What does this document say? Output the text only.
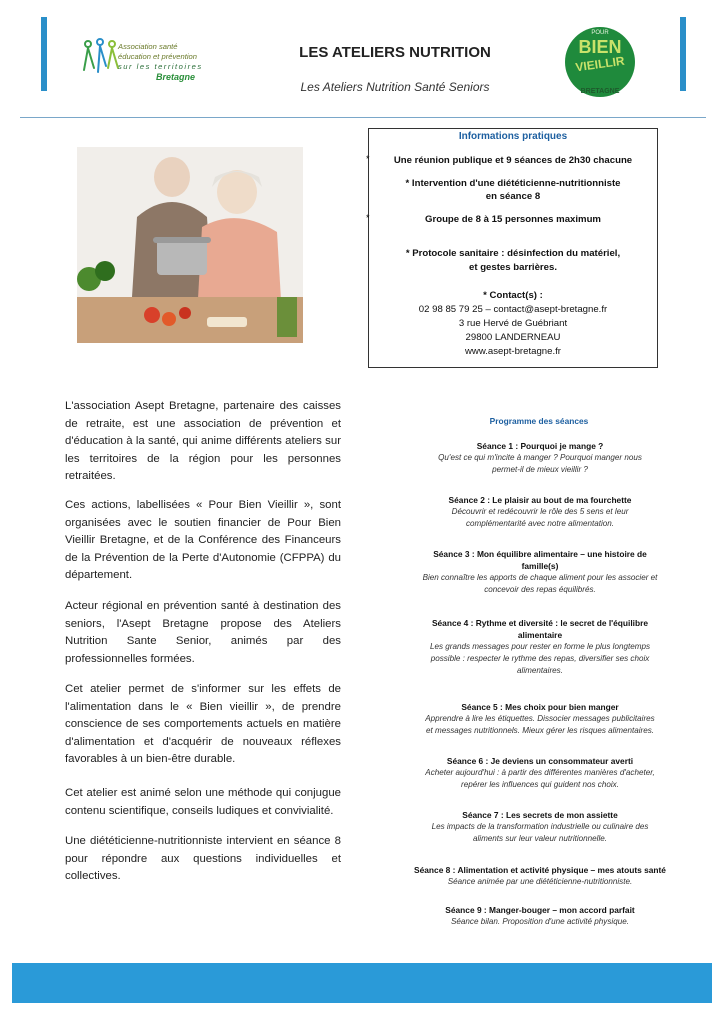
Association santé
éducation et prévention
sur les territoires
Bretagne
LES ATELIERS NUTRITION
Les Ateliers Nutrition Santé Seniors
POUR
BIEN
VIEILLIR
BRETAGNE
Informations pratiques
*	Une réunion publique et 9 séances de 2h30 chacune
* Intervention d'une diététicienne-nutritionniste
en séance 8
*	Groupe de 8 à 15 personnes maximum
* Protocole sanitaire : désinfection du matériel,
et gestes barrières.
* Contact(s) :
02 98 85 79 25 – contact@asept-bretagne.fr
3 rue Hervé de Guébriant
29800 LANDERNEAU
www.asept-bretagne.fr
L'association Asept Bretagne, partenaire des caisses de retraite, est une association de prévention et d'éducation à la santé, qui anime différents ateliers sur les territoires de la région pour les personnes retraitées.
Ces actions, labellisées « Pour Bien Vieillir », sont organisées avec le soutien financier de Pour Bien Vieillir Bretagne, et de la Conférence des Financeurs de la Prévention de la Perte d'Autonomie (CFPPA) du département.
Acteur régional en prévention santé à destination des seniors, l'Asept Bretagne propose des Ateliers Nutrition Sante Senior, animés par des professionnelles formées.
Cet atelier permet de s'informer sur les effets de l'alimentation dans le « Bien vieillir », de prendre conscience de ses comportements actuels en matière d'alimentation et d'acquérir de nouveaux réflexes favorables à un bien-être durable.
Cet atelier est animé selon une méthode qui conjugue contenu scientifique, conseils ludiques et convivialité.
Une diététicienne-nutritionniste intervient en séance 8 pour répondre aux questions individuelles et collectives.
Programme des séances
Séance 1 : Pourquoi je mange ?
Qu'est ce qui m'incite à manger ? Pourquoi manger nous
permet-il de mieux vieillir ?
Séance 2 : Le plaisir au bout de ma fourchette
Découvrir et redécouvrir le rôle des 5 sens et leur
complémentarité avec notre alimentation.
Séance 3 : Mon équilibre alimentaire – une histoire de
famille(s)
Bien connaître les apports de chaque aliment pour les associer et
concevoir des repas équilibrés.
Séance 4 : Rythme et diversité : le secret de l'équilibre
alimentaire
Les grands messages pour rester en forme le plus longtemps
possible : respecter le rythme des repas, diversifier ses choix
alimentaires.
Séance 5 : Mes choix pour bien manger
Apprendre à lire les étiquettes. Dissocier messages publicitaires
et messages nutritionnels. Mieux gérer les risques alimentaires.
Séance 6 : Je deviens un consommateur averti
Acheter aujourd'hui : à partir des différentes manières d'acheter,
repérer les influences qui guident nos choix.
Séance 7 : Les secrets de mon assiette
Les impacts de la transformation industrielle ou culinaire des
aliments sur leur valeur nutritionnelle.
Séance 8 : Alimentation et activité physique – mes atouts santé
Séance animée par une diététicienne-nutritionniste.
Séance 9 : Manger-bouger – mon accord parfait
Séance bilan. Proposition d'une activité physique.
